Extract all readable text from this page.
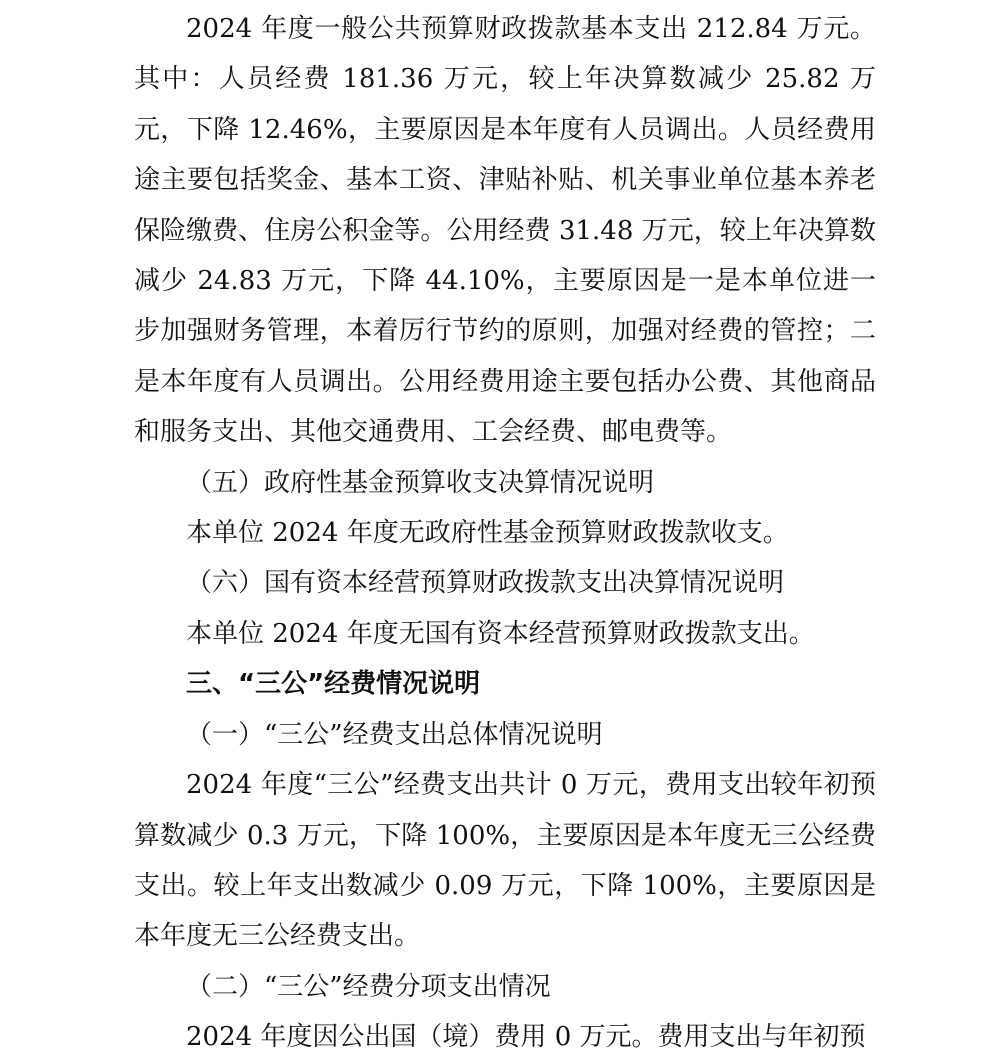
2024 年度一般公共预算财政拨款基本支出 212.84 万元。其中：人员经费 181.36 万元，较上年决算数减少 25.82 万元，下降 12.46%，主要原因是本年度有人员调出。人员经费用途主要包括奖金、基本工资、津贴补贴、机关事业单位基本养老保险缴费、住房公积金等。公用经费 31.48 万元，较上年决算数减少 24.83 万元，下降 44.10%，主要原因是一是本单位进一步加强财务管理，本着厉行节约的原则，加强对经费的管控；二是本年度有人员调出。公用经费用途主要包括办公费、其他商品和服务支出、其他交通费用、工会经费、邮电费等。

（五）政府性基金预算收支决算情况说明

本单位 2024 年度无政府性基金预算财政拨款收支。

（六）国有资本经营预算财政拨款支出决算情况说明

本单位 2024 年度无国有资本经营预算财政拨款支出。

三、“三公”经费情况说明

（一）“三公”经费支出总体情况说明

2024 年度“三公”经费支出共计 0 万元，费用支出较年初预算数减少 0.3 万元，下降 100%，主要原因是本年度无三公经费支出。较上年支出数减少 0.09 万元，下降 100%，主要原因是本年度无三公经费支出。

（二）“三公”经费分项支出情况

2024 年度因公出国（境）费用 0 万元。费用支出与年初预
